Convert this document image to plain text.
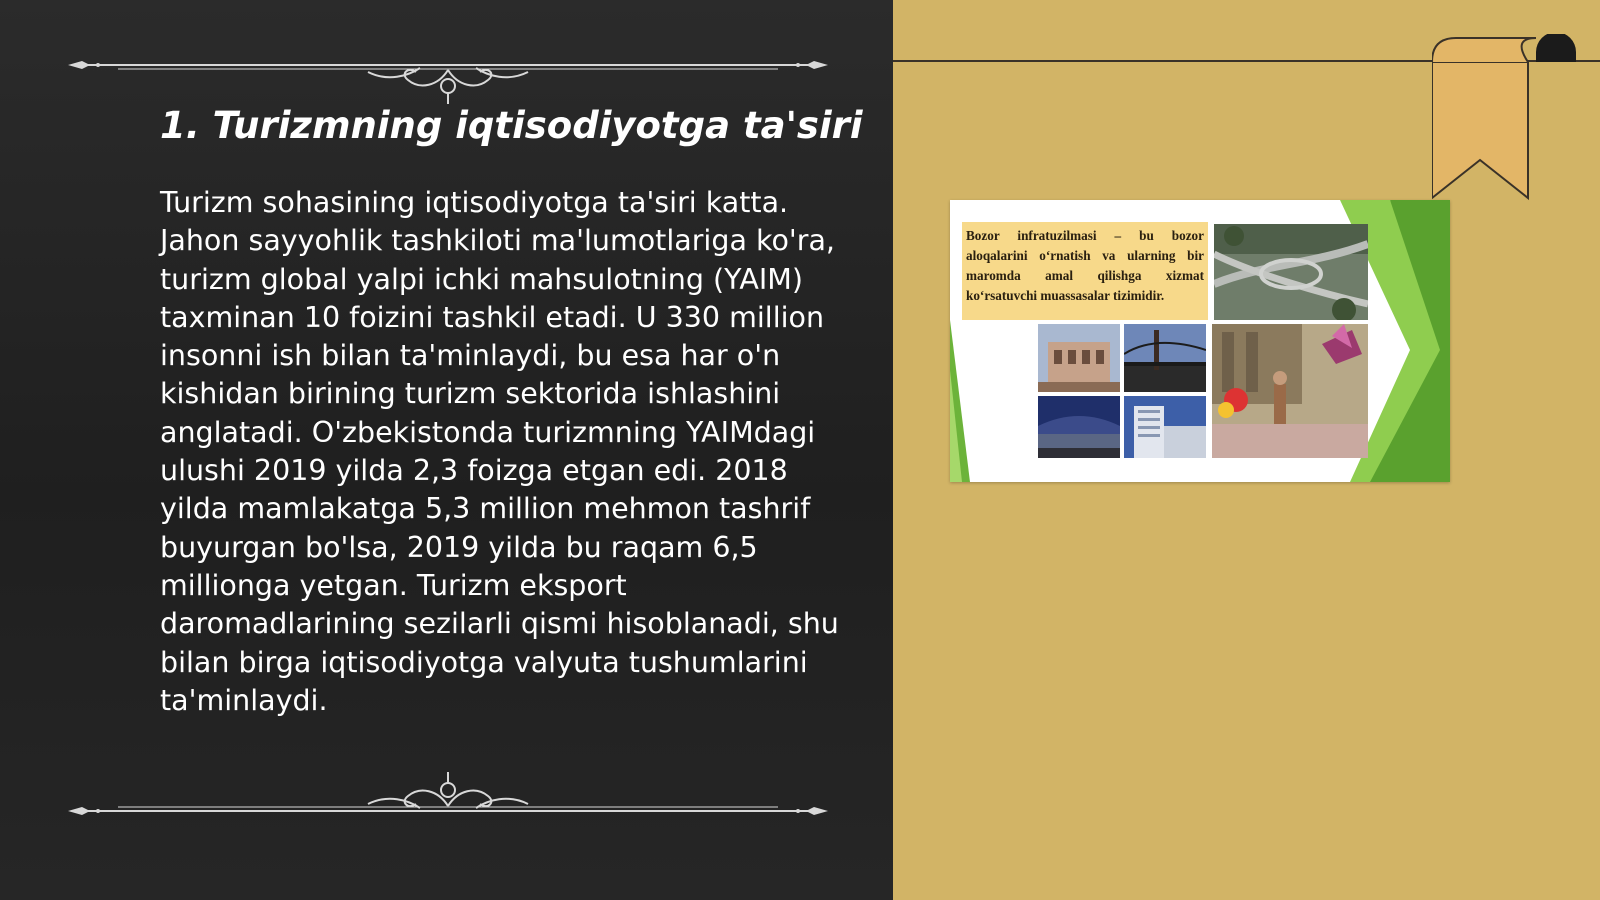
1. Turizmning iqtisodiyotga ta'siri

Turizm sohasining iqtisodiyotga ta'siri katta. Jahon sayyohlik tashkiloti ma'lumotlariga ko'ra, turizm global yalpi ichki mahsulotning (YAIM) taxminan 10 foizini tashkil etadi. U 330 million insonni ish bilan ta'minlaydi, bu esa har o'n kishidan birining turizm sektorida ishlashini anglatadi. O'zbekistonda turizmning YAIMdagi ulushi 2019 yilda 2,3 foizga etgan edi. 2018 yilda mamlakatga 5,3 million mehmon tashrif buyurgan bo'lsa, 2019 yilda bu raqam 6,5 millionga yetgan. Turizm eksport daromadlarining sezilarli qismi hisoblanadi, shu bilan birga iqtisodiyotga valyuta tushumlarini ta'minlaydi.

Bozor infratuzilmasi – bu bozor aloqalarini o‘rnatish va ularning bir maromda amal qilishga xizmat ko‘rsatuvchi muassasalar tizimidir.
